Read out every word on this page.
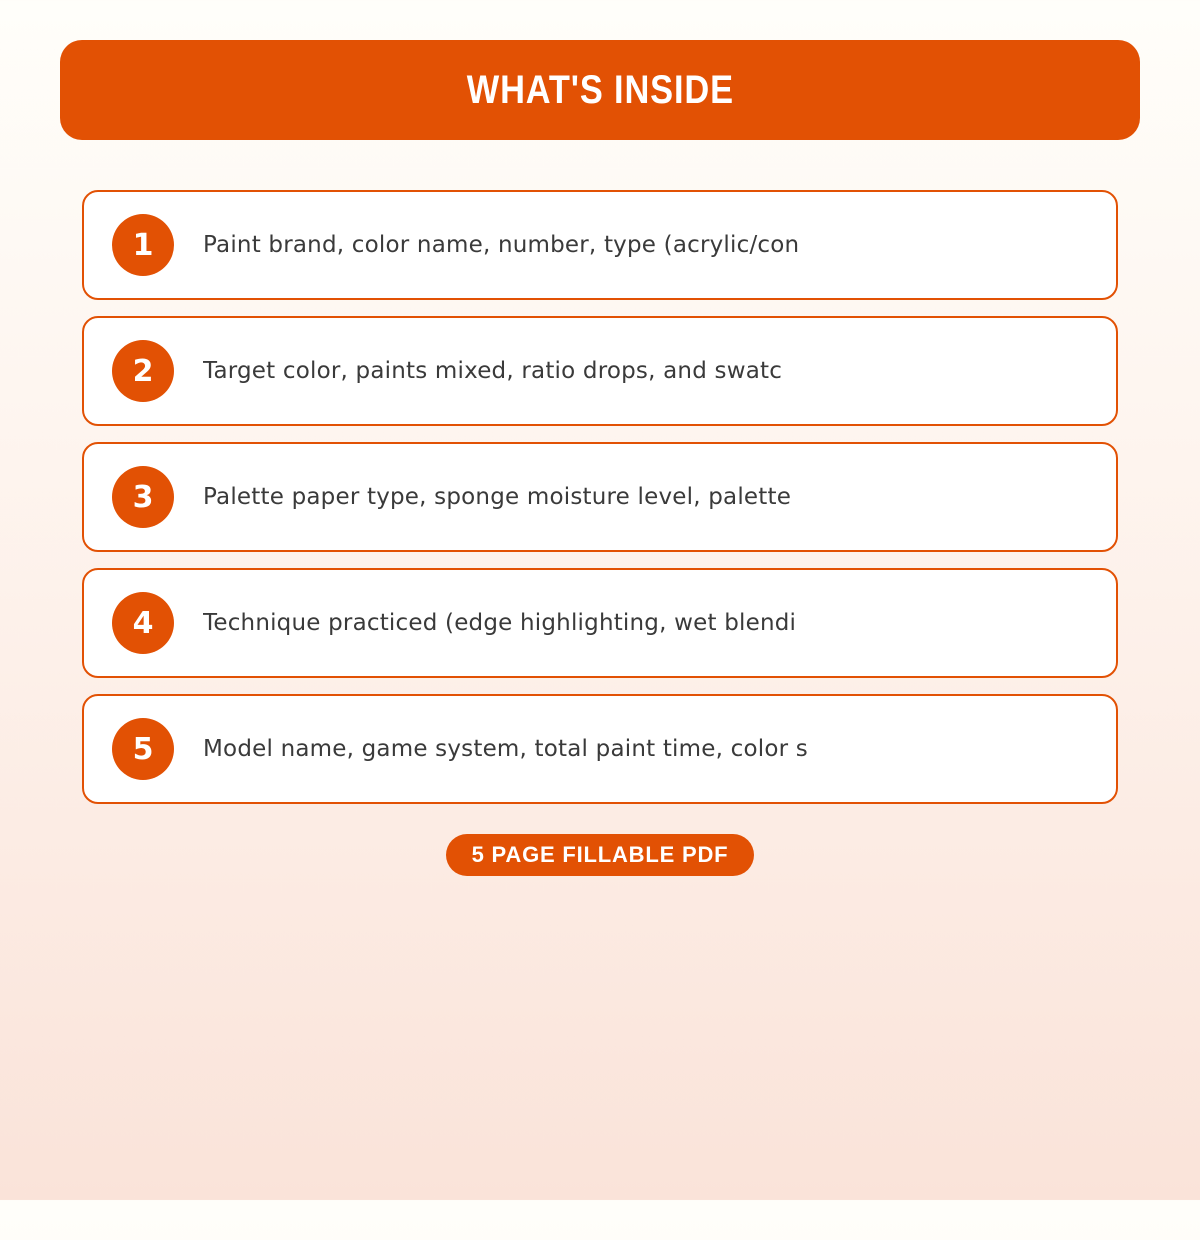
WHAT'S INSIDE
1	Paint brand, color name, number, type (acrylic/con
2	Target color, paints mixed, ratio drops, and swatc
3	Palette paper type, sponge moisture level, palette
4	Technique practiced (edge highlighting, wet blendi
5	Model name, game system, total paint time, color s
5 PAGE FILLABLE PDF
